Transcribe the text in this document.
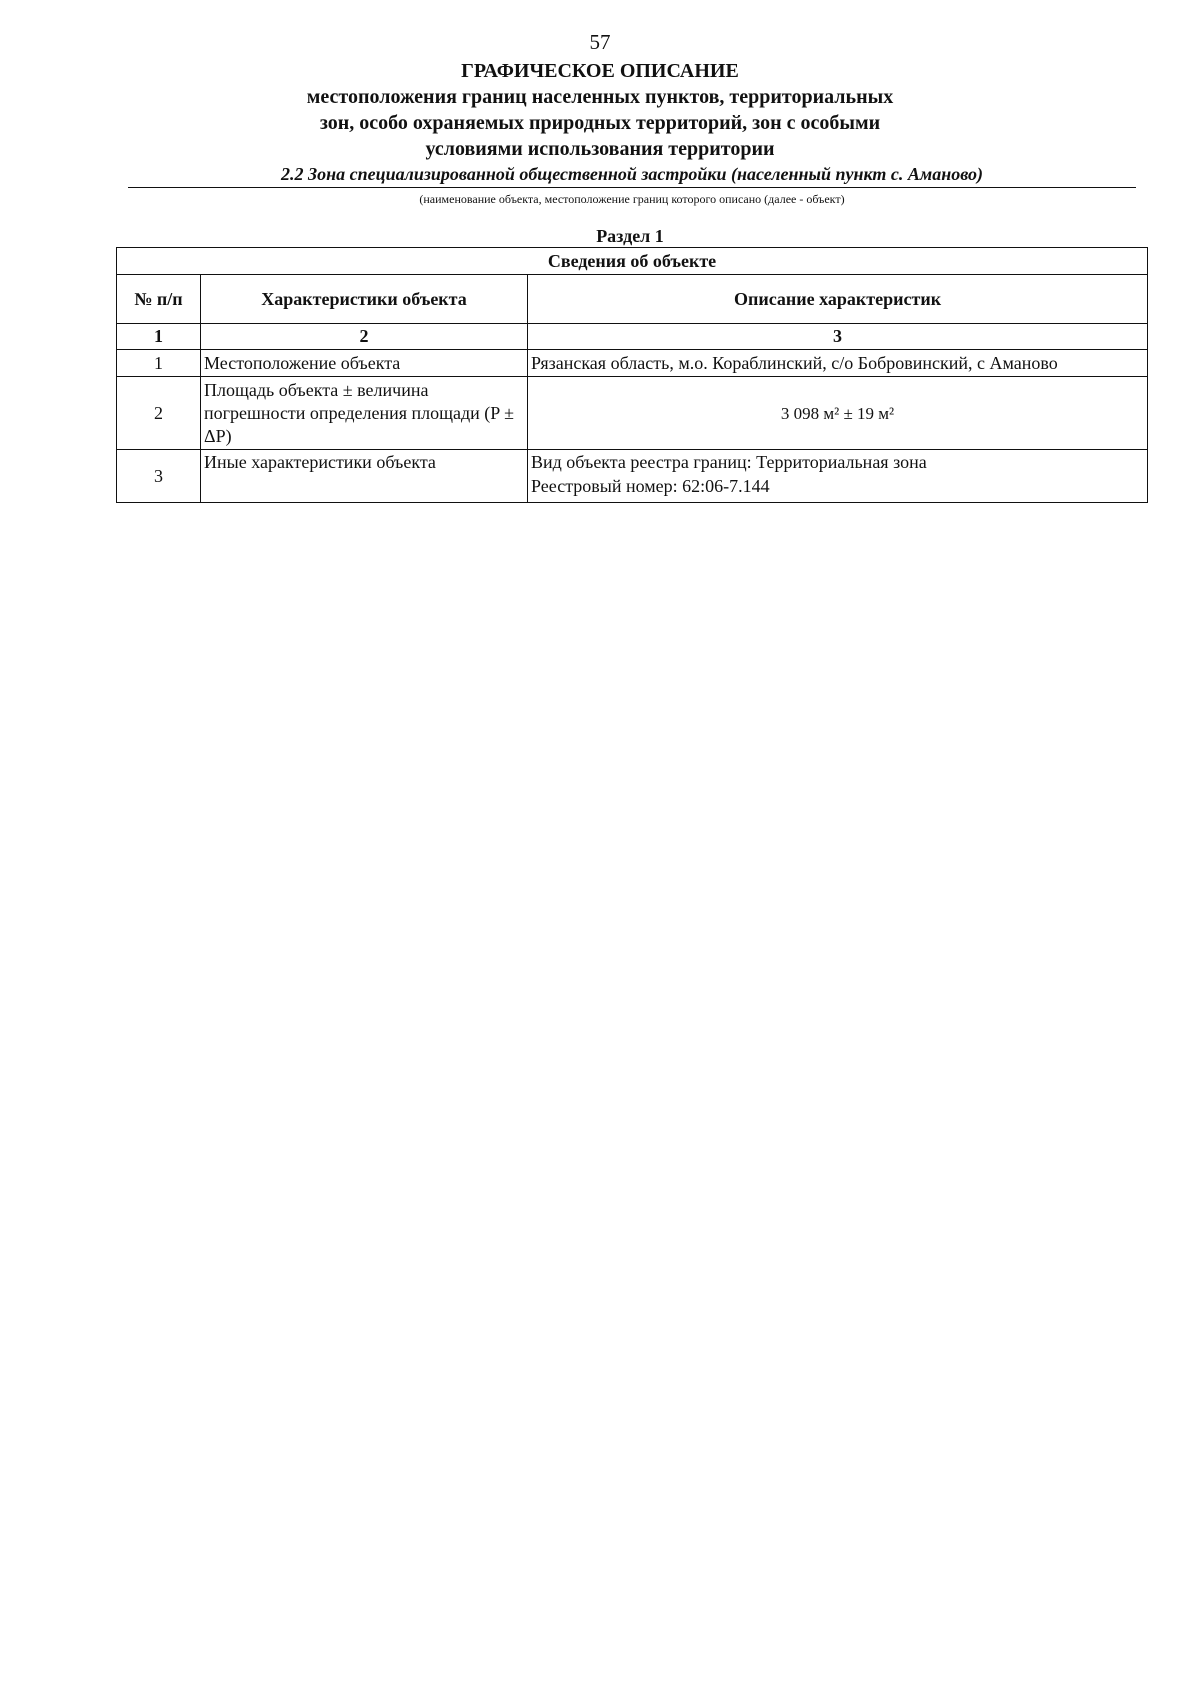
57
ГРАФИЧЕСКОЕ ОПИСАНИЕ
местоположения границ населенных пунктов, территориальных
зон, особо охраняемых природных территорий, зон с особыми
условиями использования территории
2.2 Зона специализированной общественной застройки (населенный пункт с. Аманово)
(наименование объекта, местоположение границ которого описано (далее - объект)
Раздел 1
Сведения об объекте		
№ п/п	Характеристики объекта	Описание характеристик
1	2	3
1	Местоположение объекта	Рязанская область, м.о. Кораблинский, с/о Бобровинский, с Аманово
2	Площадь объекта ± величина погрешности определения площади (P ± ΔP)	3 098 м² ± 19 м²
3	Иные характеристики объекта	Вид объекта реестра границ: Территориальная зона
Реестровый номер: 62:06-7.144
